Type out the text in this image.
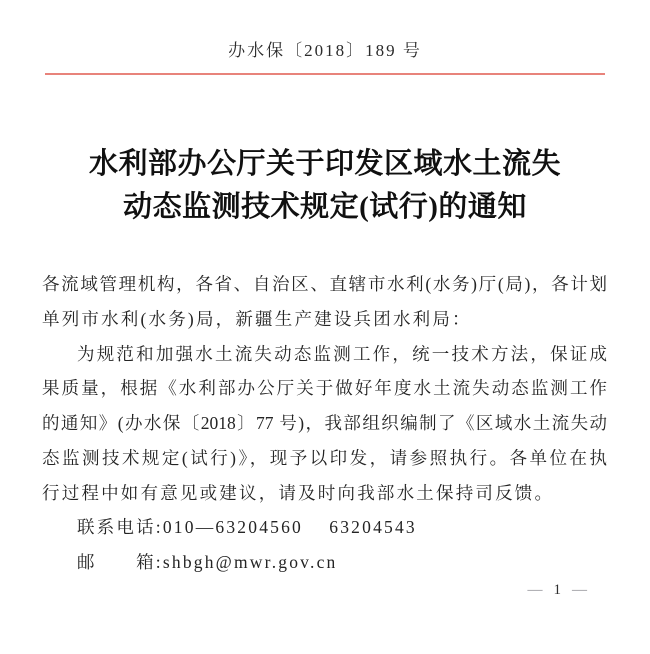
办水保〔2018〕189 号
水利部办公厅关于印发区域水土流失
动态监测技术规定(试行)的通知
各流域管理机构，各省、自治区、直辖市水利(水务)厅(局)，各计划
单列市水利(水务)局，新疆生产建设兵团水利局：
为规范和加强水土流失动态监测工作，统一技术方法，保证成
果质量，根据《水利部办公厅关于做好年度水土流失动态监测工作
的通知》(办水保〔2018〕77 号)，我部组织编制了《区域水土流失动
态监测技术规定(试行)》，现予以印发，请参照执行。各单位在执
行过程中如有意见或建议，请及时向我部水土保持司反馈。
联系电话:010—63204560　 63204543
邮　　箱:shbgh@mwr.gov.cn
— 1 —
